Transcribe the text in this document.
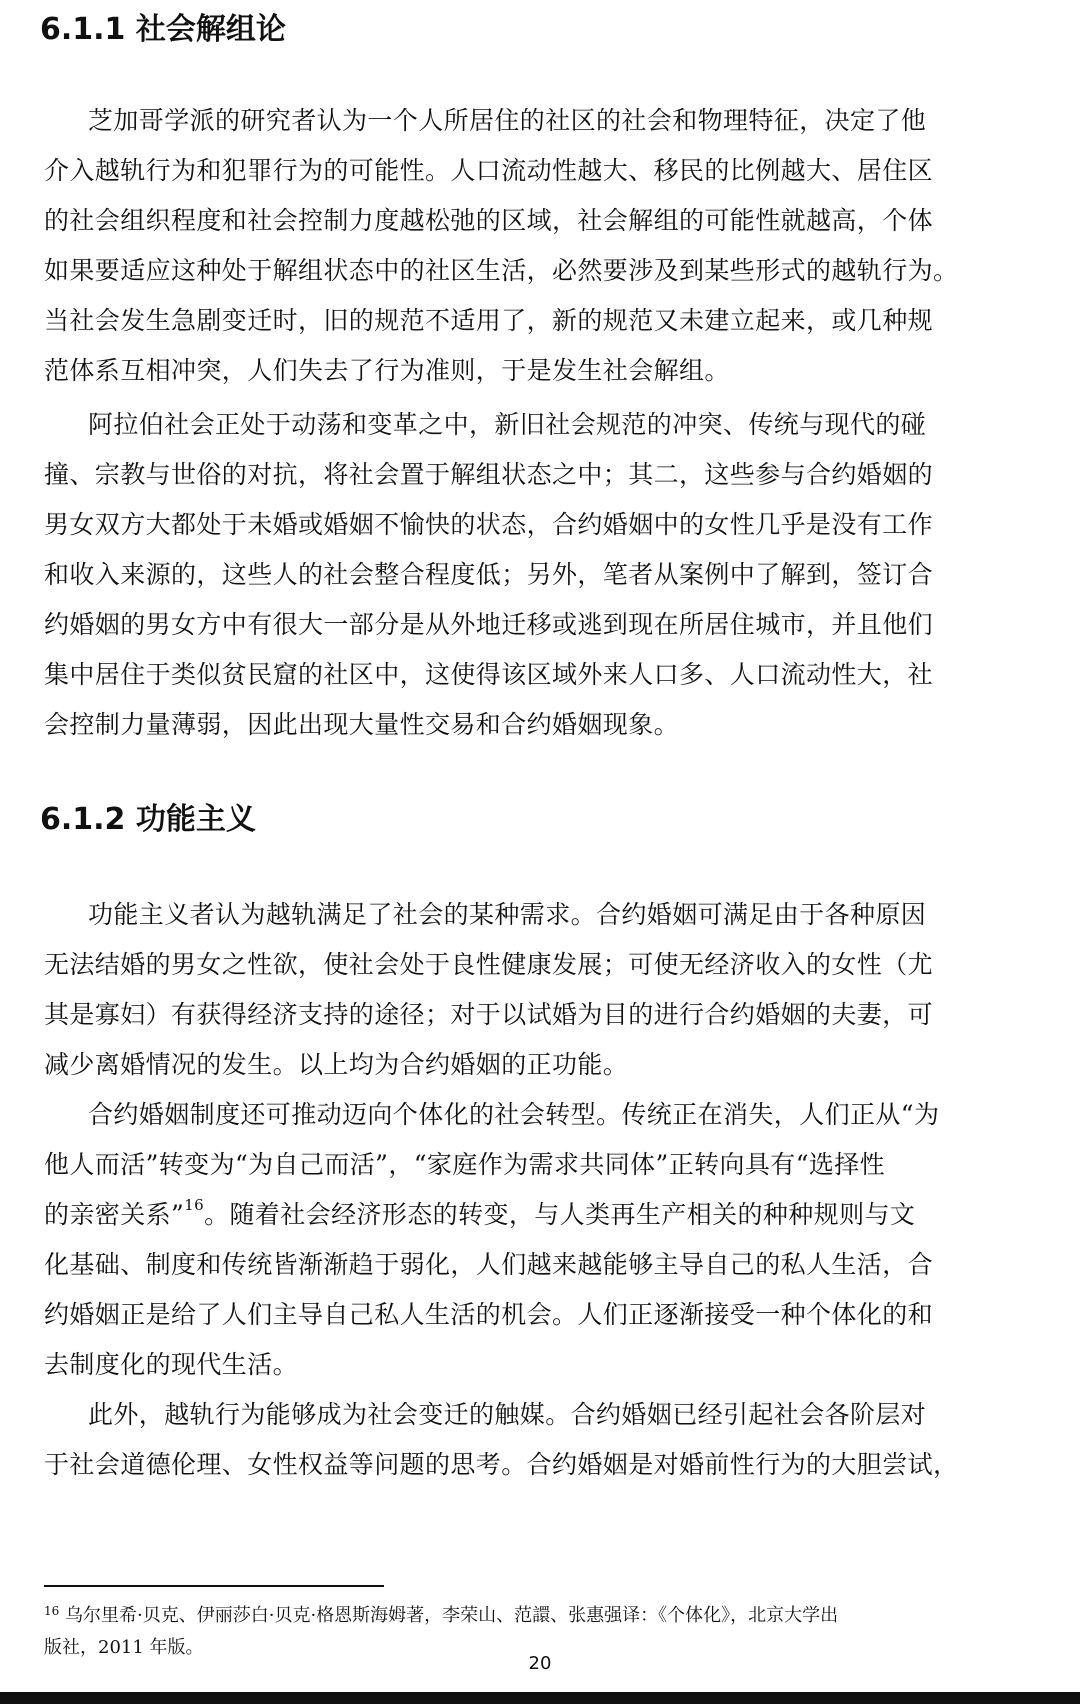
6.1.1 社会解组论

芝加哥学派的研究者认为一个人所居住的社区的社会和物理特征，决定了他
介入越轨行为和犯罪行为的可能性。人口流动性越大、移民的比例越大、居住区
的社会组织程度和社会控制力度越松弛的区域，社会解组的可能性就越高，个体
如果要适应这种处于解组状态中的社区生活，必然要涉及到某些形式的越轨行为。
当社会发生急剧变迁时，旧的规范不适用了，新的规范又未建立起来，或几种规
范体系互相冲突，人们失去了行为准则，于是发生社会解组。

阿拉伯社会正处于动荡和变革之中，新旧社会规范的冲突、传统与现代的碰
撞、宗教与世俗的对抗，将社会置于解组状态之中；其二，这些参与合约婚姻的
男女双方大都处于未婚或婚姻不愉快的状态，合约婚姻中的女性几乎是没有工作
和收入来源的，这些人的社会整合程度低；另外，笔者从案例中了解到，签订合
约婚姻的男女方中有很大一部分是从外地迁移或逃到现在所居住城市，并且他们
集中居住于类似贫民窟的社区中，这使得该区域外来人口多、人口流动性大，社
会控制力量薄弱，因此出现大量性交易和合约婚姻现象。

6.1.2 功能主义

功能主义者认为越轨满足了社会的某种需求。合约婚姻可满足由于各种原因
无法结婚的男女之性欲，使社会处于良性健康发展；可使无经济收入的女性（尤
其是寡妇）有获得经济支持的途径；对于以试婚为目的进行合约婚姻的夫妻，可
减少离婚情况的发生。以上均为合约婚姻的正功能。

合约婚姻制度还可推动迈向个体化的社会转型。传统正在消失，人们正从“为
他人而活”转变为“为自己而活”，“家庭作为需求共同体”正转向具有“选择性
的亲密关系”$^{16}$。随着社会经济形态的转变，与人类再生产相关的种种规则与文
化基础、制度和传统皆渐渐趋于弱化，人们越来越能够主导自己的私人生活，合
约婚姻正是给了人们主导自己私人生活的机会。人们正逐渐接受一种个体化的和
去制度化的现代生活。

此外，越轨行为能够成为社会变迁的触媒。合约婚姻已经引起社会各阶层对
于社会道德伦理、女性权益等问题的思考。合约婚姻是对婚前性行为的大胆尝试，

$^{16}$ 乌尔里希·贝克、伊丽莎白·贝克·格恩斯海姆著，李荣山、范譞、张惠强译：《个体化》，北京大学出
版社，2011 年版。
20
